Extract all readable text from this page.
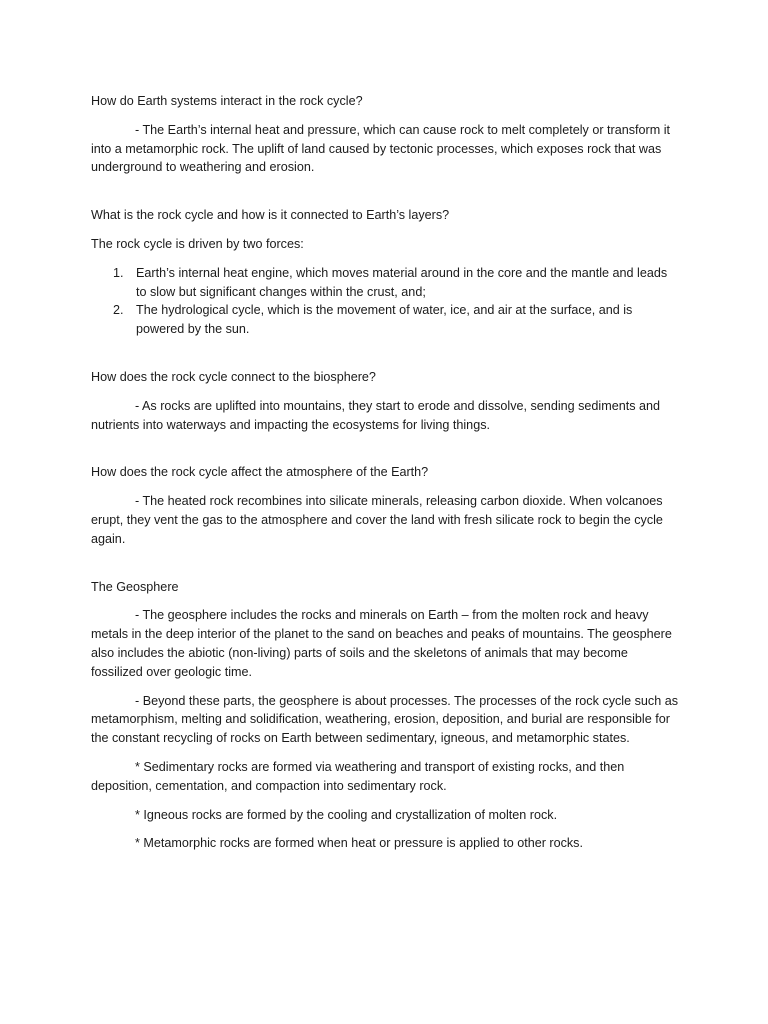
How do Earth systems interact in the rock cycle?

- The Earth’s internal heat and pressure, which can cause rock to melt completely or transform it into a metamorphic rock. The uplift of land caused by tectonic processes, which exposes rock that was underground to weathering and erosion.

What is the rock cycle and how is it connected to Earth’s layers?

The rock cycle is driven by two forces:

1. Earth’s internal heat engine, which moves material around in the core and the mantle and leads to slow but significant changes within the crust, and;
2. The hydrological cycle, which is the movement of water, ice, and air at the surface, and is powered by the sun.

How does the rock cycle connect to the biosphere?

- As rocks are uplifted into mountains, they start to erode and dissolve, sending sediments and nutrients into waterways and impacting the ecosystems for living things.

How does the rock cycle affect the atmosphere of the Earth?

- The heated rock recombines into silicate minerals, releasing carbon dioxide. When volcanoes erupt, they vent the gas to the atmosphere and cover the land with fresh silicate rock to begin the cycle again.

The Geosphere

- The geosphere includes the rocks and minerals on Earth – from the molten rock and heavy metals in the deep interior of the planet to the sand on beaches and peaks of mountains. The geosphere also includes the abiotic (non-living) parts of soils and the skeletons of animals that may become fossilized over geologic time.

- Beyond these parts, the geosphere is about processes. The processes of the rock cycle such as metamorphism, melting and solidification, weathering, erosion, deposition, and burial are responsible for the constant recycling of rocks on Earth between sedimentary, igneous, and metamorphic states.

* Sedimentary rocks are formed via weathering and transport of existing rocks, and then deposition, cementation, and compaction into sedimentary rock.

* Igneous rocks are formed by the cooling and crystallization of molten rock.

* Metamorphic rocks are formed when heat or pressure is applied to other rocks.
